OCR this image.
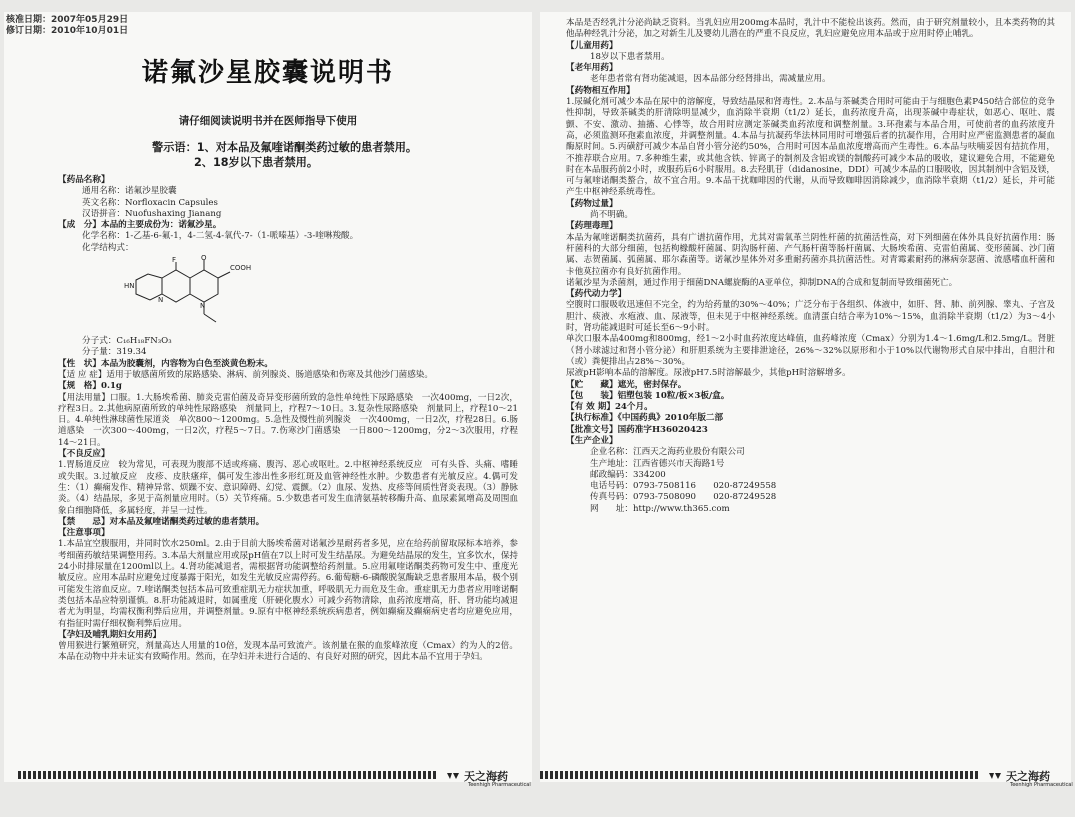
核准日期：2007年05月29日
修订日期：2010年10月01日
诺氟沙星胶囊说明书
请仔细阅读说明书并在医师指导下使用
警示语：1、对本品及氟喹诺酮类药过敏的患者禁用。
2、18岁以下患者禁用。

【药品名称】

通用名称：诺氟沙星胶囊

英文名称：Norfloxacin Capsules

汉语拼音：Nuofushaxing Jianang

【成　分】本品的主要成份为：诺氟沙星。

化学名称：1-乙基-6-氟-1，4-二氢-4-氧代-7-（1-哌嗪基）-3-喹啉羧酸。

化学结构式：

F
HN
N
N
O
COOH

分子式：C₁₆H₁₈FN₃O₃

分子量：319.34

【性　状】本品为胶囊剂，内容物为白色至淡黄色粉末。

【适 应 症】适用于敏感菌所致的尿路感染、淋病、前列腺炎、肠道感染和伤寒及其他沙门菌感染。

【规　格】0.1g

【用法用量】口服。1.大肠埃希菌、肺炎克雷伯菌及奇异变形菌所致的急性单纯性下尿路感染　一次400mg，一日2次，疗程3日。2.其他病原菌所致的单纯性尿路感染　剂量同上，疗程7～10日。3.复杂性尿路感染　剂量同上，疗程10～21日。4.单纯性淋球菌性尿道炎　单次800～1200mg。5.急性及慢性前列腺炎　一次400mg，一日2次，疗程28日。6.肠道感染　一次300～400mg，一日2次，疗程5～7日。7.伤寒沙门菌感染　一日800～1200mg，分2～3次服用，疗程14～21日。

【不良反应】

1.胃肠道反应　较为常见，可表现为腹部不适或疼痛、腹泻、恶心或呕吐。2.中枢神经系统反应　可有头昏、头痛、嗜睡或失眠。3.过敏反应　皮疹、皮肤瘙痒，偶可发生渗出性多形红斑及血管神经性水肿。少数患者有光敏反应。4.偶可发生：（1）癫痫发作、精神异常、烦躁不安、意识障碍、幻觉、震颤。（2）血尿、发热、皮疹等间质性肾炎表现。（3）静脉炎。（4）结晶尿，多见于高剂量应用时。（5）关节疼痛。5.少数患者可发生血清氨基转移酶升高、血尿素氮增高及周围血象白细胞降低，多属轻度，并呈一过性。

【禁　　忌】对本品及氟喹诺酮类药过敏的患者禁用。

【注意事项】

1.本品宜空腹服用，并同时饮水250ml。2.由于目前大肠埃希菌对诺氟沙星耐药者多见，应在给药前留取尿标本培养，参考细菌药敏结果调整用药。3.本品大剂量应用或尿pH值在7以上时可发生结晶尿。为避免结晶尿的发生，宜多饮水，保持24小时排尿量在1200ml以上。4.肾功能减退者，需根据肾功能调整给药剂量。5.应用氟喹诺酮类药物可发生中、重度光敏反应。应用本品时应避免过度暴露于阳光，如发生光敏反应需停药。6.葡萄糖-6-磷酸脱氢酶缺乏患者服用本品，极个别可能发生溶血反应。7.喹诺酮类包括本品可致重症肌无力症状加重，呼吸肌无力而危及生命。重症肌无力患者应用喹诺酮类包括本品应特别谨慎。8.肝功能减退时，如属重度（肝硬化腹水）可减少药物清除，血药浓度增高，肝、肾功能均减退者尤为明显，均需权衡利弊后应用，并调整剂量。9.原有中枢神经系统疾病患者，例如癫痫及癫痫病史者均应避免应用，有指征时需仔细权衡利弊后应用。

【孕妇及哺乳期妇女用药】

曾用猴进行繁殖研究，剂量高达人用量的10倍，发现本品可致流产。该剂量在猴的血浆峰浓度（Cmax）约为人的2倍。本品在动物中并未证实有致畸作用。然而，在孕妇并未进行合适的、有良好对照的研究，因此本品不宜用于孕妇。

天之海药
Teenhigh Pharmaceutical

本品是否经乳汁分泌尚缺乏资料。当乳妇应用200mg本品时，乳汁中不能检出该药。然而，由于研究剂量较小，且本类药物的其他品种经乳汁分泌，加之对新生儿及婴幼儿潜在的严重不良反应，乳妇应避免应用本品或于应用时停止哺乳。

【儿童用药】

18岁以下患者禁用。

【老年用药】

老年患者常有肾功能减退，因本品部分经肾排出，需减量应用。

【药物相互作用】

1.尿碱化剂可减少本品在尿中的溶解度，导致结晶尿和肾毒性。2.本品与茶碱类合用时可能由于与细胞色素P450结合部位的竞争性抑制，导致茶碱类的肝清除明显减少，血消除半衰期（t1/2）延长，血药浓度升高，出现茶碱中毒症状，如恶心、呕吐、震颤、不安、激动、抽搐、心悸等，故合用时应测定茶碱类血药浓度和调整剂量。3.环孢素与本品合用，可使前者的血药浓度升高，必须监测环孢素血浓度，并调整剂量。4.本品与抗凝药华法林同用时可增强后者的抗凝作用，合用时应严密监测患者的凝血酶原时间。5.丙磺舒可减少本品自肾小管分泌约50%，合用时可因本品血浓度增高而产生毒性。6.本品与呋喃妥因有拮抗作用，不推荐联合应用。7.多种维生素，或其他含铁、锌离子的制剂及含铝或镁的制酸药可减少本品的吸收，建议避免合用，不能避免时在本品服药前2小时，或服药后6小时服用。8.去羟肌苷（didanosine，DDI）可减少本品的口服吸收，因其制剂中含铝及镁，可与氟喹诺酮类螯合，故不宜合用。9.本品干扰咖啡因的代谢，从而导致咖啡因消除减少，血消除半衰期（t1/2）延长，并可能产生中枢神经系统毒性。

【药物过量】

尚不明确。

【药理毒理】

本品为氟喹诺酮类抗菌药，具有广谱抗菌作用，尤其对需氧革兰阴性杆菌的抗菌活性高，对下列细菌在体外具良好抗菌作用：肠杆菌科的大部分细菌，包括枸橼酸杆菌属、阴沟肠杆菌、产气肠杆菌等肠杆菌属、大肠埃希菌、克雷伯菌属、变形菌属、沙门菌属、志贺菌属、弧菌属、耶尔森菌等。诺氟沙星体外对多重耐药菌亦具抗菌活性。对青霉素耐药的淋病奈瑟菌、流感嗜血杆菌和卡他莫拉菌亦有良好抗菌作用。

诺氟沙星为杀菌剂，通过作用于细菌DNA螺旋酶的A亚单位，抑制DNA的合成和复制而导致细菌死亡。

【药代动力学】

空腹时口服吸收迅速但不完全，约为给药量的30%～40%；广泛分布于各组织、体液中，如肝、肾、肺、前列腺、睾丸、子宫及胆汁、痰液、水疱液、血、尿液等，但未见于中枢神经系统。血清蛋白结合率为10%～15%，血消除半衰期（t1/2）为3～4小时，肾功能减退时可延长至6～9小时。

单次口服本品400mg和800mg，经1～2小时血药浓度达峰值，血药峰浓度（Cmax）分别为1.4～1.6mg/L和2.5mg/L。肾脏（肾小球滤过和肾小管分泌）和肝胆系统为主要排泄途径，26%～32%以原形和小于10%以代谢物形式自尿中排出，自胆汁和（或）粪便排出占28%～30%。

尿液pH影响本品的溶解度。尿液pH7.5时溶解最少，其他pH时溶解增多。

【贮　　藏】遮光，密封保存。

【包　　装】铝塑包装 10粒/板×3板/盒。

【有 效 期】24个月。

【执行标准】《中国药典》2010年版二部

【批准文号】国药准字H36020423

【生产企业】

企业名称：江西天之海药业股份有限公司

生产地址：江西省德兴市天海路1号

邮政编码：334200

电话号码：0793-7508116　　020-87249558

传真号码：0793-7508090　　020-87249528

网　　址：http://www.th365.com

天之海药
Teenhigh Pharmaceutical
